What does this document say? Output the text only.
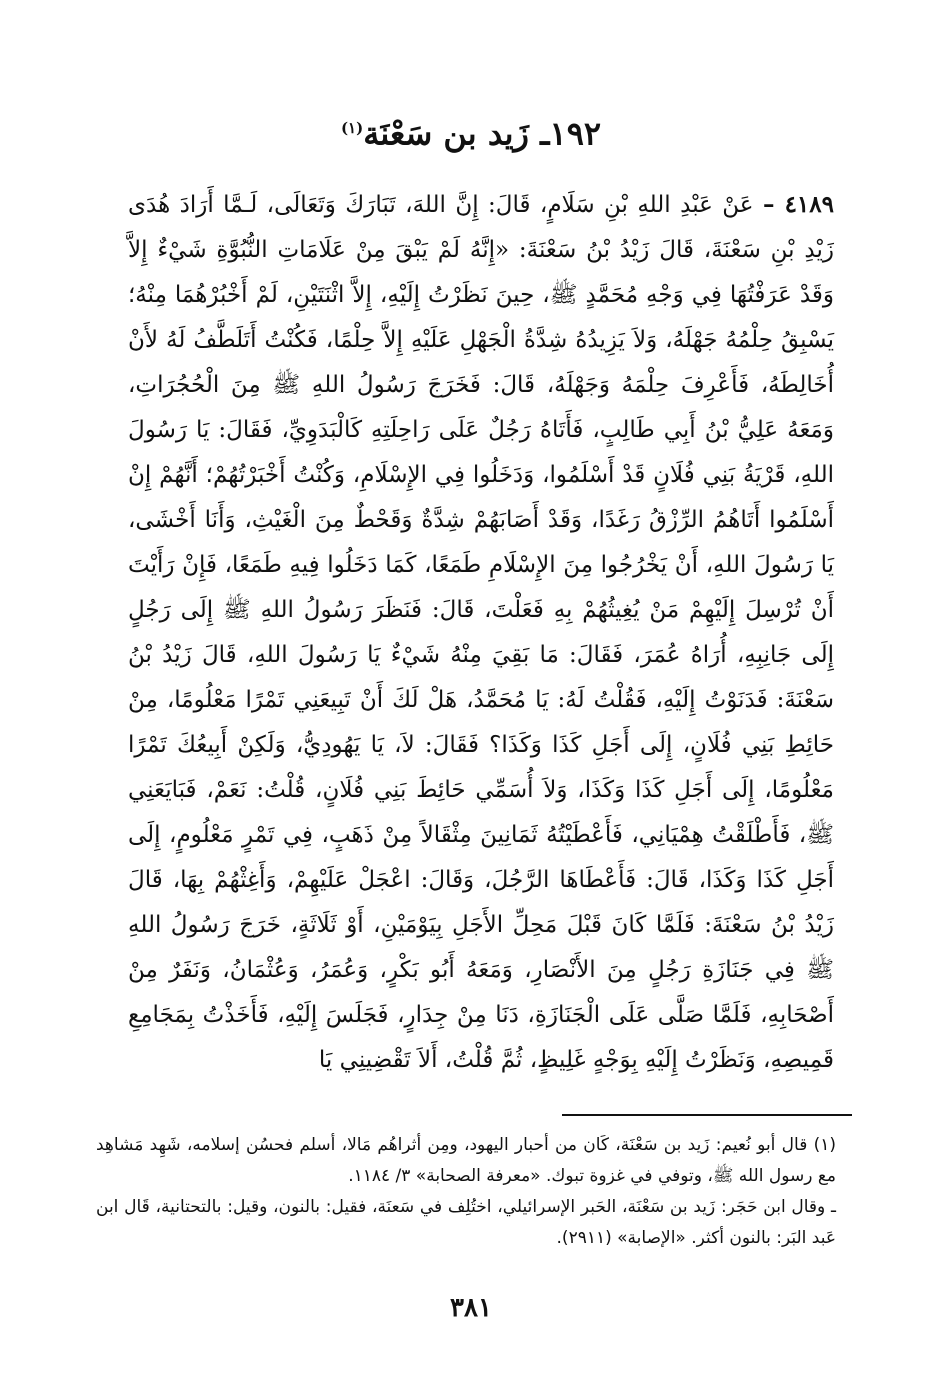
١٩٢ـ زَيد بن سَعْنَة$^{(١)}$

٤١٨٩ – عَنْ عَبْدِ اللهِ بْنِ سَلَامٍ، قَالَ: إِنَّ اللهَ، تَبَارَكَ وَتَعَالَى، لَـمَّا أَرَادَ هُدَى زَيْدِ بْنِ سَعْنَةَ، قَالَ زَيْدُ بْنُ سَعْنَةَ: «إِنَّهُ لَمْ يَبْقَ مِنْ عَلَامَاتِ النُّبُوَّةِ شَيْءٌ إِلاَّ وَقَدْ عَرَفْتُهَا فِي وَجْهِ مُحَمَّدٍ ﷺ، حِينَ نَظَرْتُ إِلَيْهِ، إِلاَّ اثْنَتَيْنِ، لَمْ أَخْبُرْهُمَا مِنْهُ؛ يَسْبِقُ حِلْمُهُ جَهْلَهُ، وَلاَ يَزِيدُهُ شِدَّةُ الْجَهْلِ عَلَيْهِ إِلاَّ حِلْمًا، فَكُنْتُ أَتَلَطَّفُ لَهُ لأَنْ أُخَالِطَهُ، فَأَعْرِفَ حِلْمَهُ وَجَهْلَهُ، قَالَ: فَخَرَجَ رَسُولُ اللهِ ﷺ مِنَ الْحُجُرَاتِ، وَمَعَهُ عَلِيُّ بْنُ أَبِي طَالِبٍ، فَأَتَاهُ رَجُلٌ عَلَى رَاحِلَتِهِ كَالْبَدَوِيِّ، فَقَالَ: يَا رَسُولَ اللهِ، قَرْيَةُ بَنِي فُلَانٍ قَدْ أَسْلَمُوا، وَدَخَلُوا فِي الإِسْلَامِ، وَكُنْتُ أَخْبَرْتُهُمْ؛ أَنَّهُمْ إِنْ أَسْلَمُوا أَتَاهُمُ الرِّزْقُ رَغَدًا، وَقَدْ أَصَابَهُمْ شِدَّةٌ وَقَحْطٌ مِنَ الْغَيْثِ، وَأَنَا أَخْشَى، يَا رَسُولَ اللهِ، أَنْ يَخْرُجُوا مِنَ الإِسْلَامِ طَمَعًا، كَمَا دَخَلُوا فِيهِ طَمَعًا، فَإِنْ رَأَيْتَ أَنْ تُرْسِلَ إِلَيْهِمْ مَنْ يُغِيثُهُمْ بِهِ فَعَلْتَ، قَالَ: فَنَظَرَ رَسُولُ اللهِ ﷺ إِلَى رَجُلٍ إِلَى جَانِبِهِ، أُرَاهُ عُمَرَ، فَقَالَ: مَا بَقِيَ مِنْهُ شَيْءٌ يَا رَسُولَ اللهِ، قَالَ زَيْدُ بْنُ سَعْنَةَ: فَدَنَوْتُ إِلَيْهِ، فَقُلْتُ لَهُ: يَا مُحَمَّدُ، هَلْ لَكَ أَنْ تَبِيعَنِي تَمْرًا مَعْلُومًا، مِنْ حَائِطِ بَنِي فُلَانٍ، إِلَى أَجَلِ كَذَا وَكَذَا؟ فَقَالَ: لاَ، يَا يَهُودِيُّ، وَلَكِنْ أَبِيعُكَ تَمْرًا مَعْلُومًا، إِلَى أَجَلِ كَذَا وَكَذَا، وَلاَ أُسَمِّي حَائِطَ بَنِي فُلَانٍ، قُلْتُ: نَعَمْ، فَبَايَعَنِي ﷺ، فَأَطْلَقْتُ هِمْيَانِي، فَأَعْطَيْتُهُ ثَمَانِينَ مِثْقَالاً مِنْ ذَهَبٍ، فِي تَمْرٍ مَعْلُومٍ، إِلَى أَجَلِ كَذَا وَكَذَا، قَالَ: فَأَعْطَاهَا الرَّجُلَ، وَقَالَ: اعْجَلْ عَلَيْهِمْ، وَأَغِثْهُمْ بِهَا، قَالَ زَيْدُ بْنُ سَعْنَةَ: فَلَمَّا كَانَ قَبْلَ مَحِلِّ الأَجَلِ بِيَوْمَيْنِ، أَوْ ثَلَاثَةٍ، خَرَجَ رَسُولُ اللهِ ﷺ فِي جَنَازَةِ رَجُلٍ مِنَ الأَنْصَارِ، وَمَعَهُ أَبُو بَكْرٍ، وَعُمَرُ، وَعُثْمَانُ، وَنَفَرٌ مِنْ أَصْحَابِهِ، فَلَمَّا صَلَّى عَلَى الْجَنَازَةِ، دَنَا مِنْ جِدَارٍ، فَجَلَسَ إِلَيْهِ، فَأَخَذْتُ بِمَجَامِعِ قَمِيصِهِ، وَنَظَرْتُ إِلَيْهِ بِوَجْهٍ غَلِيظٍ، ثُمَّ قُلْتُ، أَلاَ تَقْضِينِي يَا

(١) قال أبو نُعيم: زَيد بن سَعْنَة، كَان من أحبار اليهود، ومِن أثراهُم مَالا، أسلم فحسُن إسلامه، شَهِد مَشاهِد مع رسول الله ﷺ، وتوفي في غزوة تبوك. «معرفة الصحابة» ٣/ ١١٨٤.

ـ وقال ابن حَجَر: زَيد بن سَعْنَة، الحَبر الإسرائيلي، اختُلِف في سَعنَة، فقيل: بالنون، وقيل: بالتحتانية، قَال ابن عَبد البَر: بالنون أكثر. «الإصابة» (٢٩١١).

٣٨١
